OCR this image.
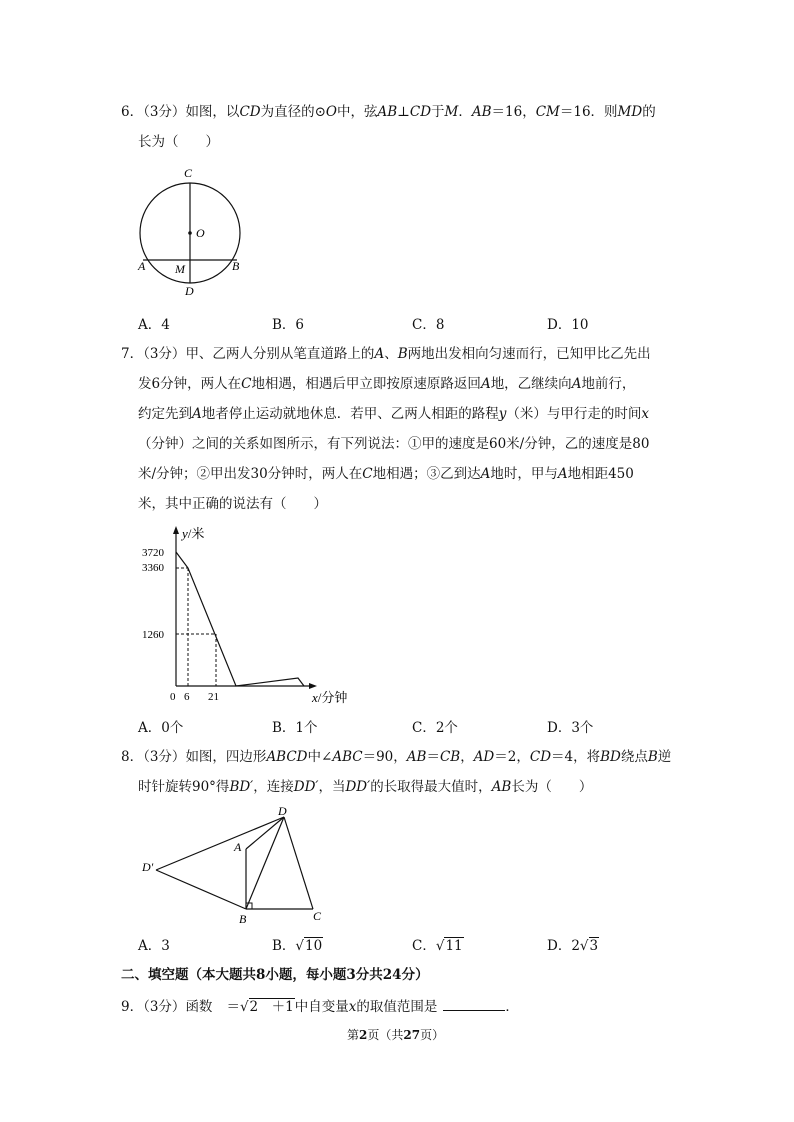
6．（3分）如图，以CD为直径的⊙O中，弦AB⊥CD于M．AB＝16，CM＝16．则MD的
长为（　　）
C
O
A M	B
D
A．4	B．6	C．8	D．10
7．（3分）甲、乙两人分别从笔直道路上的A、B两地出发相向匀速而行，已知甲比乙先出
发6分钟，两人在C地相遇，相遇后甲立即按原速原路返回A地，乙继续向A地前行，
约定先到A地者停止运动就地休息．若甲、乙两人相距的路程y（米）与甲行走的时间x
（分钟）之间的关系如图所示，有下列说法：①甲的速度是60米/分钟，乙的速度是80
米/分钟；②甲出发30分钟时，两人在C地相遇；③乙到达A地时，甲与A地相距450
米，其中正确的说法有（　　）
y/米
3720
3360
1260
0 6 21	x/分钟
A．0个	B．1个	C．2个	D．3个
8．（3分）如图，四边形ABCD中∠ABC＝90，AB＝CB，AD＝2，CD＝4，将BD绕点B逆
时针旋转90°得BD′，连接DD′，当DD′的长取得最大值时，AB长为（　　）
D
A
D′
B	C
A．3	B．√10	C．√11	D．2√3
二、填空题（本大题共8小题，每小题3分共24分）
9．（3分）函数 ＝√2　＋1中自变量x的取值范围是	．
第2页（共27页）
